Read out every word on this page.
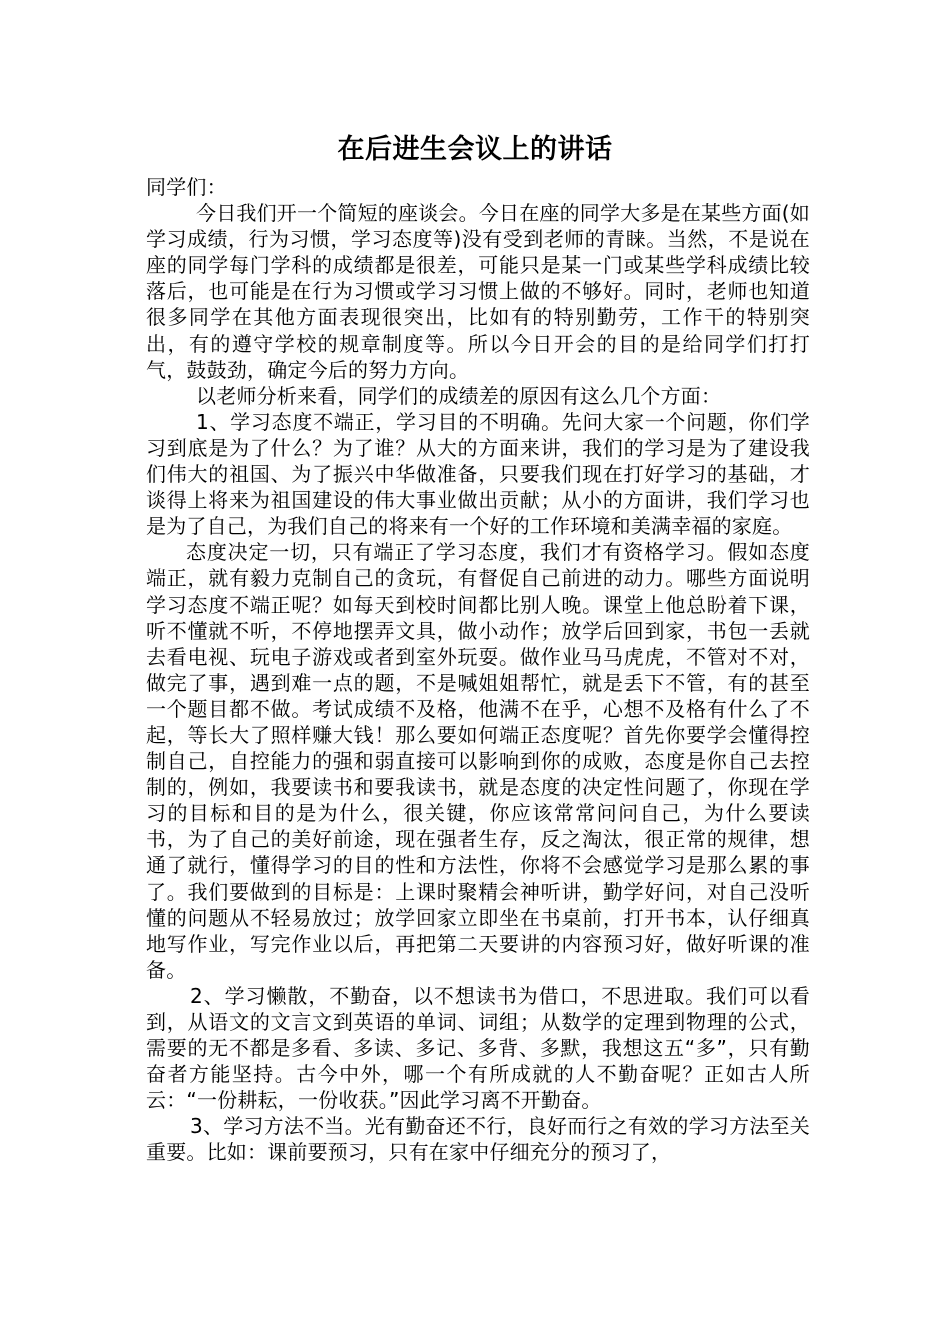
在后进生会议上的讲话

同学们：

今日我们开一个简短的座谈会。今日在座的同学大多是在某些方面(如学习成绩，行为习惯，学习态度等)没有受到老师的青睐。当然，不是说在座的同学每门学科的成绩都是很差，可能只是某一门或某些学科成绩比较落后，也可能是在行为习惯或学习习惯上做的不够好。同时，老师也知道很多同学在其他方面表现很突出，比如有的特别勤劳，工作干的特别突出，有的遵守学校的规章制度等。所以今日开会的目的是给同学们打打气，鼓鼓劲，确定今后的努力方向。

以老师分析来看，同学们的成绩差的原因有这么几个方面：

1、学习态度不端正，学习目的不明确。先问大家一个问题，你们学习到底是为了什么？为了谁？从大的方面来讲，我们的学习是为了建设我们伟大的祖国、为了振兴中华做准备，只要我们现在打好学习的基础，才谈得上将来为祖国建设的伟大事业做出贡献；从小的方面讲，我们学习也是为了自己，为我们自己的将来有一个好的工作环境和美满幸福的家庭。

态度决定一切，只有端正了学习态度，我们才有资格学习。假如态度端正，就有毅力克制自己的贪玩，有督促自己前进的动力。哪些方面说明学习态度不端正呢？如每天到校时间都比别人晚。课堂上他总盼着下课，听不懂就不听，不停地摆弄文具，做小动作；放学后回到家，书包一丢就去看电视、玩电子游戏或者到室外玩耍。做作业马马虎虎，不管对不对，做完了事，遇到难一点的题，不是喊姐姐帮忙，就是丢下不管，有的甚至一个题目都不做。考试成绩不及格，他满不在乎，心想不及格有什么了不起，等长大了照样赚大钱！那么要如何端正态度呢？首先你要学会懂得控制自己，自控能力的强和弱直接可以影响到你的成败，态度是你自己去控制的，例如，我要读书和要我读书，就是态度的决定性问题了，你现在学习的目标和目的是为什么，很关键，你应该常常问问自己，为什么要读书，为了自己的美好前途，现在强者生存，反之淘汰，很正常的规律，想通了就行，懂得学习的目的性和方法性，你将不会感觉学习是那么累的事了。我们要做到的目标是：上课时聚精会神听讲，勤学好问，对自己没听懂的问题从不轻易放过；放学回家立即坐在书桌前，打开书本，认仔细真地写作业，写完作业以后，再把第二天要讲的内容预习好，做好听课的准备。

2、学习懒散，不勤奋，以不想读书为借口，不思进取。我们可以看到，从语文的文言文到英语的单词、词组；从数学的定理到物理的公式，需要的无不都是多看、多读、多记、多背、多默，我想这五“多”，只有勤奋者方能坚持。古今中外，哪一个有所成就的人不勤奋呢？正如古人所云：“一份耕耘，一份收获。”因此学习离不开勤奋。

3、学习方法不当。光有勤奋还不行，良好而行之有效的学习方法至关重要。比如：课前要预习，只有在家中仔细充分的预习了，
